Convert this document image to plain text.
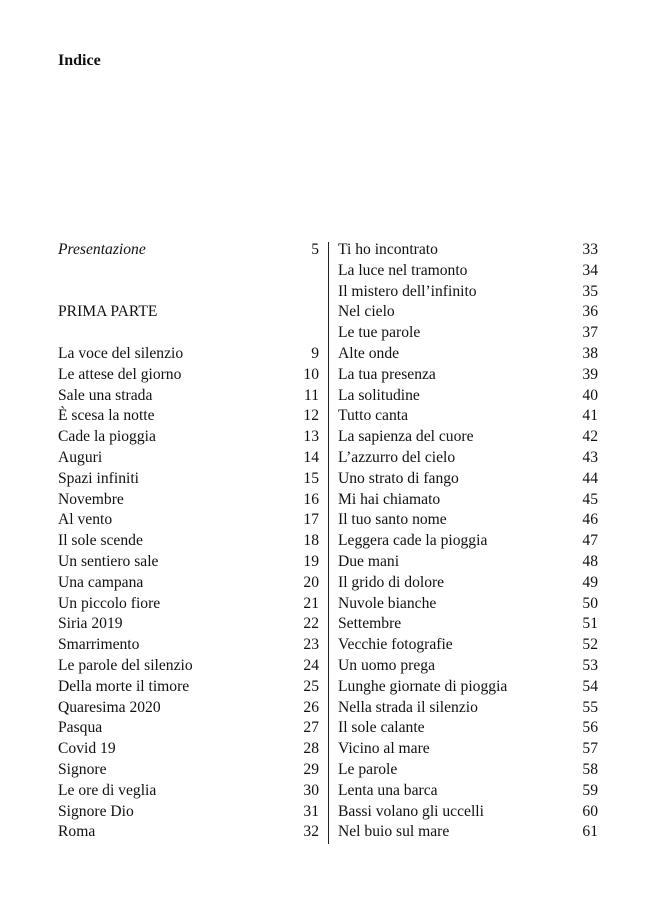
Indice
Presentazione	5
PRIMA PARTE
La voce del silenzio	9
Le attese del giorno	10
Sale una strada	11
È scesa la notte	12
Cade la pioggia	13
Auguri	14
Spazi infiniti	15
Novembre	16
Al vento	17
Il sole scende	18
Un sentiero sale	19
Una campana	20
Un piccolo fiore	21
Siria 2019	22
Smarrimento	23
Le parole del silenzio	24
Della morte il timore	25
Quaresima 2020	26
Pasqua	27
Covid 19	28
Signore	29
Le ore di veglia	30
Signore Dio	31
Roma	32
Ti ho incontrato	33
La luce nel tramonto	34
Il mistero dell’infinito	35
Nel cielo	36
Le tue parole	37
Alte onde	38
La tua presenza	39
La solitudine	40
Tutto canta	41
La sapienza del cuore	42
L’azzurro del cielo	43
Uno strato di fango	44
Mi hai chiamato	45
Il tuo santo nome	46
Leggera cade la pioggia	47
Due mani	48
Il grido di dolore	49
Nuvole bianche	50
Settembre	51
Vecchie fotografie	52
Un uomo prega	53
Lunghe giornate di pioggia	54
Nella strada il silenzio	55
Il sole calante	56
Vicino al mare	57
Le parole	58
Lenta una barca	59
Bassi volano gli uccelli	60
Nel buio sul mare	61
